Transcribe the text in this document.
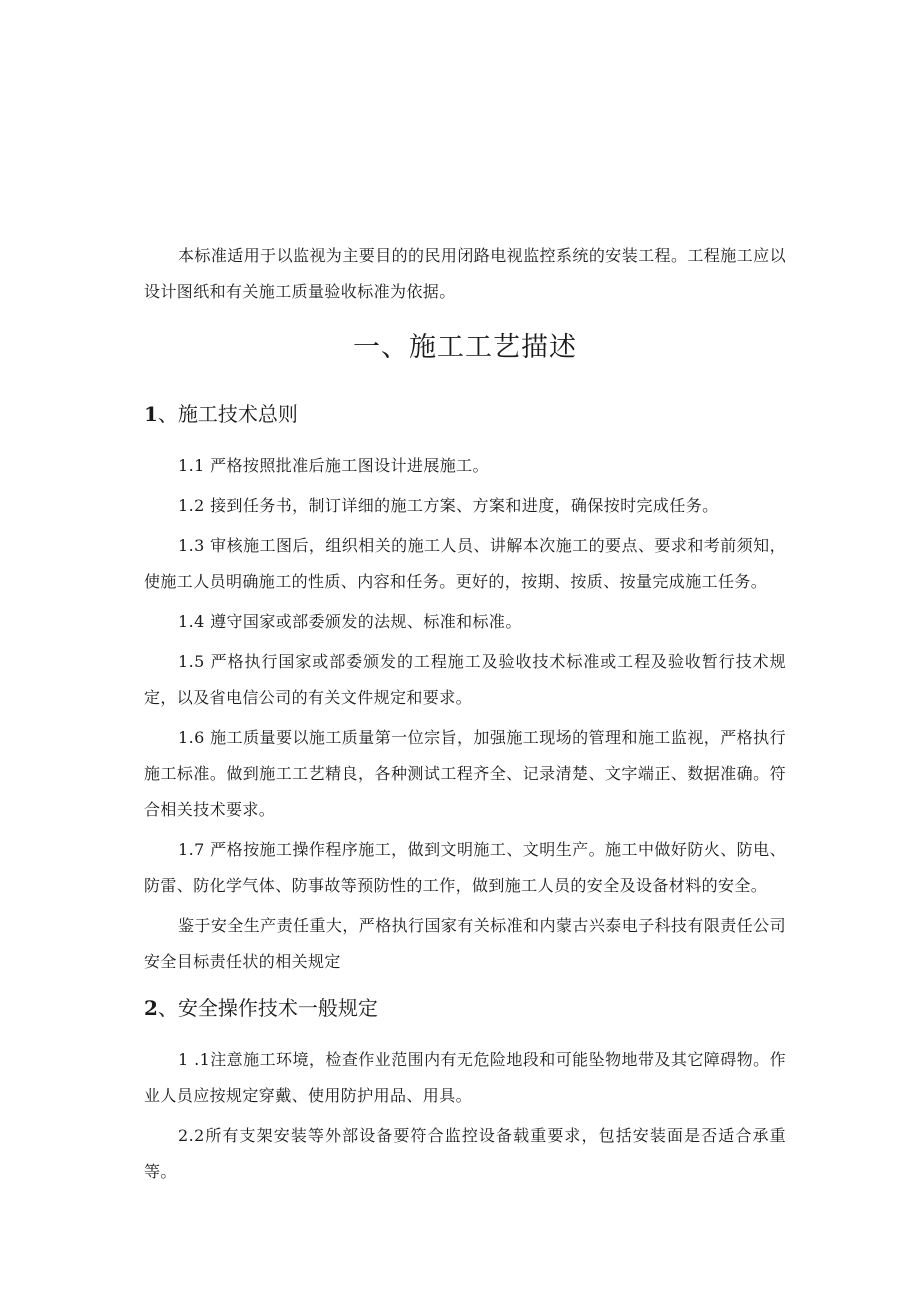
本标准适用于以监视为主要目的的民用闭路电视监控系统的安装工程。工程施工应以设计图纸和有关施工质量验收标准为依据。

一、施工工艺描述
1、施工技术总则

1.1 严格按照批准后施工图设计进展施工。

1.2 接到任务书，制订详细的施工方案、方案和进度，确保按时完成任务。

1.3 审核施工图后，组织相关的施工人员、讲解本次施工的要点、要求和考前须知，使施工人员明确施工的性质、内容和任务。更好的，按期、按质、按量完成施工任务。

1.4 遵守国家或部委颁发的法规、标准和标准。

1.5 严格执行国家或部委颁发的工程施工及验收技术标准或工程及验收暂行技术规定，以及省电信公司的有关文件规定和要求。

1.6 施工质量要以施工质量第一位宗旨，加强施工现场的管理和施工监视，严格执行施工标准。做到施工工艺精良，各种测试工程齐全、记录清楚、文字端正、数据准确。符合相关技术要求。

1.7 严格按施工操作程序施工，做到文明施工、文明生产。施工中做好防火、防电、防雷、防化学气体、防事故等预防性的工作，做到施工人员的安全及设备材料的安全。

鉴于安全生产责任重大，严格执行国家有关标准和内蒙古兴泰电子科技有限责任公司安全目标责任状的相关规定

2、安全操作技术一般规定

1 .1注意施工环境，检查作业范围内有无危险地段和可能坠物地带及其它障碍物。作业人员应按规定穿戴、使用防护用品、用具。

2.2所有支架安装等外部设备要符合监控设备载重要求，包括安装面是否适合承重等。
